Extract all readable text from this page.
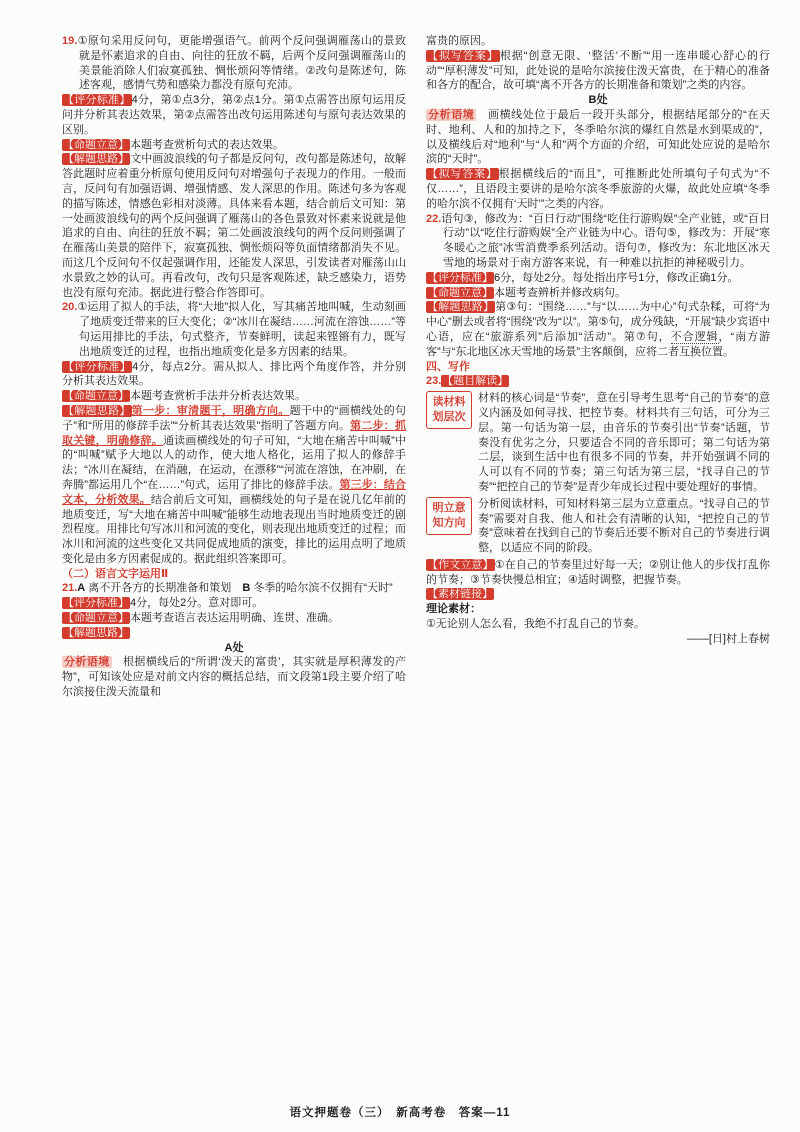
19.①原句采用反问句，更能增强语气。前两个反问强调雁荡山的景致就是怀素追求的自由、向往的狂放不羁，后两个反问强调雁荡山的美景能消除人们寂寞孤独、惆怅烦闷等情绪。②改句是陈述句，陈述客观，感情气势和感染力都没有原句充沛。

【评分标准】4分，第①点3分，第②点1分。第①点需答出原句运用反问并分析其表达效果，第②点需答出改句运用陈述句与原句表达效果的区别。

【命题立意】本题考查赏析句式的表达效果。

【解题思路】文中画波浪线的句子都是反问句，改句都是陈述句，故解答此题时应着重分析原句使用反问句对增强句子表现力的作用。一般而言，反问句有加强语调、增强情感、发人深思的作用。陈述句多为客观的描写陈述，情感色彩相对淡薄。具体来看本题，结合前后文可知：第一处画波浪线句的两个反问强调了雁荡山的各色景致对怀素来说就是他追求的自由、向往的狂放不羁；第二处画波浪线句的两个反问则强调了在雁荡山美景的陪伴下，寂寞孤独、惆怅烦闷等负面情绪都消失不见。而这几个反问句不仅起强调作用，还能发人深思，引发读者对雁荡山山水景致之妙的认可。再看改句，改句只是客观陈述，缺乏感染力，语势也没有原句充沛。据此进行整合作答即可。

20.①运用了拟人的手法，将“大地”拟人化，写其痛苦地叫喊，生动刻画了地质变迁带来的巨大变化；②“冰川在凝结……河流在溶蚀……”等句运用排比的手法，句式整齐，节奏鲜明，读起来铿锵有力，既写出地质变迁的过程，也指出地质变化是多方因素的结果。

【评分标准】4分，每点2分。需从拟人、排比两个角度作答，并分别分析其表达效果。

【命题立意】本题考查赏析手法并分析表达效果。

【解题思路】第一步：审清题干，明确方向。题干中的“画横线处的句子”和“所用的修辞手法”“分析其表达效果”指明了答题方向。第二步：抓取关键，明确修辞。通读画横线处的句子可知，“大地在痛苦中叫喊”中的“叫喊”赋予大地以人的动作，使大地人格化，运用了拟人的修辞手法；“冰川在凝结，在消融，在运动，在漂移”“河流在溶蚀，在冲刷，在奔腾”都运用几个“在……”句式，运用了排比的修辞手法。第三步：结合文本，分析效果。结合前后文可知，画横线处的句子是在说几亿年前的地质变迁，写“大地在痛苦中叫喊”能够生动地表现出当时地质变迁的剧烈程度。用排比句写冰川和河流的变化，则表现出地质变迁的过程；而冰川和河流的这些变化又共同促成地质的演变，排比的运用点明了地质变化是由多方因素促成的。据此组织答案即可。

（二）语言文字运用Ⅱ

21.A 离不开各方的长期准备和策划　B 冬季的哈尔滨不仅拥有“天时”

【评分标准】4分，每处2分。意对即可。

【命题立意】本题考查语言表达运用明确、连贯、准确。

【解题思路】

A处

分析语境　根据横线后的“所谓‘泼天的富贵’，其实就是厚积薄发的产物”，可知该处应是对前文内容的概括总结，而文段第1段主要介绍了哈尔滨接住泼天流量和

富贵的原因。

【拟写答案】根据“创意无限、‘整活’不断”“用一连串暖心舒心的行动”“厚积薄发”可知，此处说的是哈尔滨接住泼天富贵，在于精心的准备和各方的配合，故可填“离不开各方的长期准备和策划”之类的内容。

B处

分析语境　画横线处位于最后一段开头部分，根据结尾部分的“在天时、地利、人和的加持之下，冬季哈尔滨的爆红自然是水到渠成的”，以及横线后对“地利”与“人和”两个方面的介绍，可知此处应说的是哈尔滨的“天时”。

【拟写答案】根据横线后的“而且”，可推断此处所填句子句式为“不仅……”，且语段主要讲的是哈尔滨冬季旅游的火爆，故此处应填“冬季的哈尔滨不仅拥有‘天时’”之类的内容。

22.语句③，修改为：“百日行动”围绕“吃住行游购娱”全产业链，或“百日行动”以“吃住行游购娱”全产业链为中心。语句⑤，修改为：开展“寒冬暖心之旅”冰雪消费季系列活动。语句⑦，修改为：东北地区冰天雪地的场景对于南方游客来说，有一种难以抗拒的神秘吸引力。

【评分标准】6分，每处2分。每处指出序号1分，修改正确1分。

【命题立意】本题考查辨析并修改病句。

【解题思路】第③句：“围绕……”与“以……为中心”句式杂糅，可将“为中心”删去或者将“围绕”改为“以”。第⑤句，成分残缺，“开展”缺少宾语中心语，应在“旅游系列”后添加“活动”。第⑦句，不合逻辑，“南方游客”与“东北地区冰天雪地的场景”主客颠倒，应将二者互换位置。

四、写作

23.【题目解读】

读材料
划层次
材料的核心词是“节奏”，意在引导考生思考“自己的节奏”的意义内涵及如何寻找、把控节奏。材料共有三句话，可分为三层。第一句话为第一层，由音乐的节奏引出“节奏”话题，节奏没有优劣之分，只要适合不同的音乐即可；第二句话为第二层，谈到生活中也有很多不同的节奏，并开始强调不同的人可以有不同的节奏；第三句话为第三层，“找寻自己的节奏”“把控自己的节奏”是青少年成长过程中要处理好的事情。
明立意
知方向
分析阅读材料，可知材料第三层为立意重点。“找寻自己的节奏”需要对自我、他人和社会有清晰的认知，“把控自己的节奏”意味着在找到自己的节奏后还要不断对自己的节奏进行调整，以适应不同的阶段。

【作文立意】①在自己的节奏里过好每一天；②别让他人的步伐打乱你的节奏；③节奏快慢总相宜；④适时调整，把握节奏。

【素材链接】

理论素材：

①无论别人怎么看，我绝不打乱自己的节奏。

——[日]村上春树

语文押题卷（三）　新高考卷　答案—11
